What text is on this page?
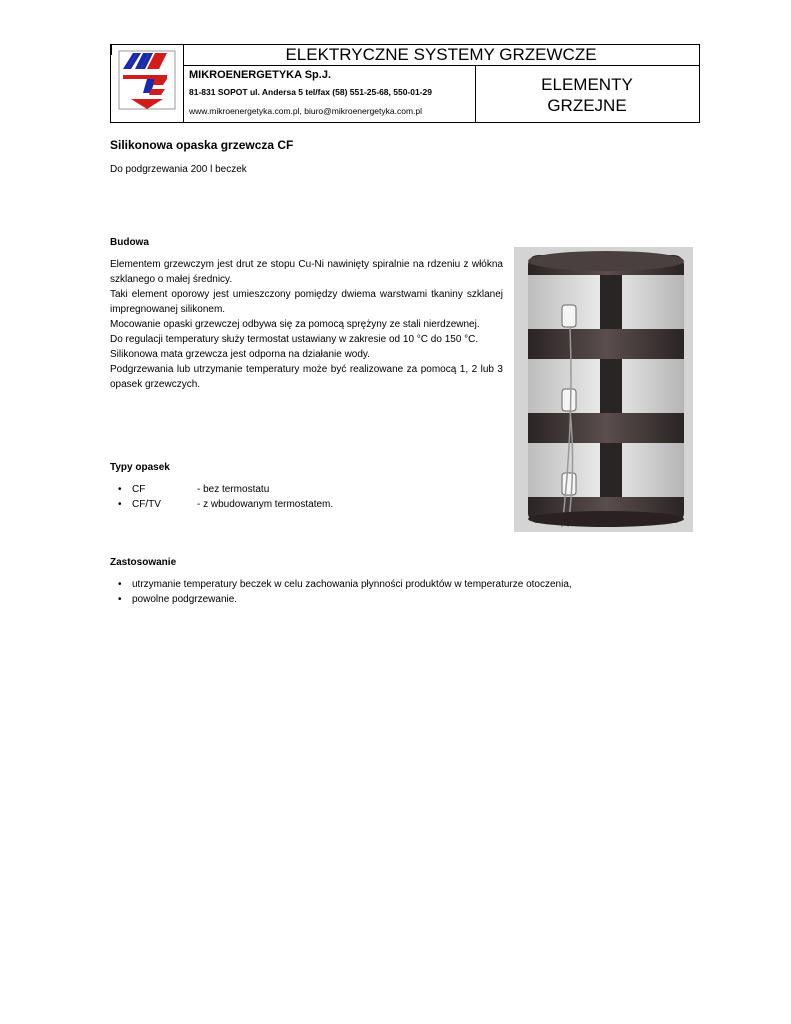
ELEKTRYCZNE SYSTEMY GRZEWCZE
MIKROENERGETYKA Sp.J.
81-831 SOPOT ul. Andersa 5 tel/fax (58) 551-25-68, 550-01-29
www.mikroenergetyka.com.pl, biuro@mikroenergetyka.com.pl
ELEMENTY
GRZEJNE
Silikonowa opaska grzewcza CF
Do podgrzewania 200 l beczek
Budowa

Elementem grzewczym jest drut ze stopu Cu-Ni nawinięty spiralnie na rdzeniu z włókna szklanego o małej średnicy.

Taki element oporowy jest umieszczony pomiędzy dwiema warstwami tkaniny szklanej impregnowanej silikonem.

Mocowanie opaski grzewczej odbywa się za pomocą sprężyny ze stali nierdzewnej.

Do regulacji temperatury służy termostat ustawiany w zakresie od 10 °C do 150 °C.

Silikonowa mata grzewcza jest odporna na działanie wody.

Podgrzewania lub utrzymanie temperatury może być realizowane za pomocą 1, 2 lub 3 opasek grzewczych.

Typy opasek
• CF	- bez termostatu
• CF/TV	- z wbudowanym termostatem.
Zastosowanie
• utrzymanie temperatury beczek w celu zachowania płynności produktów w temperaturze otoczenia,
• powolne podgrzewanie.
